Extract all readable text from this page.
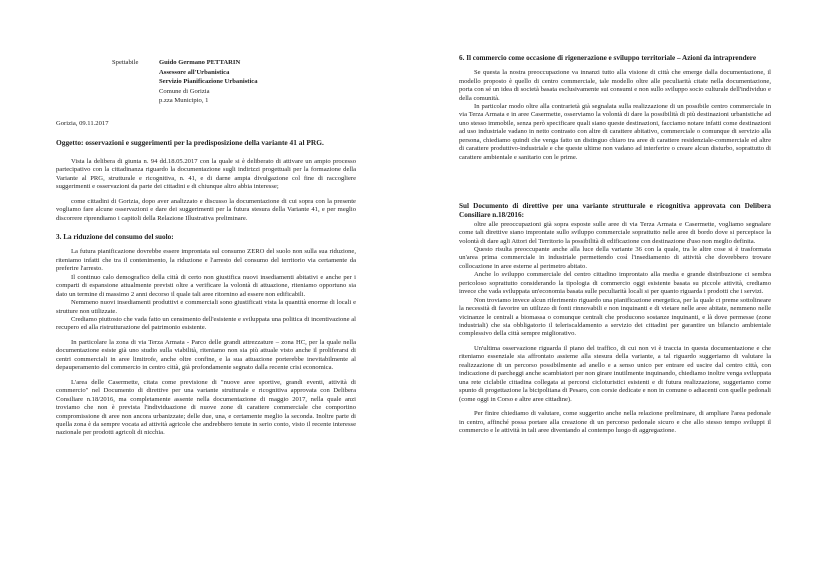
Spettabile	Guido Germano PETTARIN
Assessore all'Urbanistica
Servizio Pianificazione Urbanistica
Comune di Gorizia
p.zza Municipio, 1

Gorizia, 09.11.2017

Oggetto: osservazioni e suggerimenti per la predisposizione della variante 41 al PRG.

Vista la delibera di giunta n. 94 dd.18.05.2017 con la quale si è deliberato di attivare un ampio processo partecipativo con la cittadinanza riguardo la documentazione sugli indirizzi progettuali per la formazione della Variante al PRG, strutturale e ricognitiva, n. 41, e di darne ampia divulgazione col fine di raccogliere suggerimenti e osservazioni da parte dei cittadini e di chiunque altro abbia interesse;

come cittadini di Gorizia, dopo aver analizzato e discusso la documentazione di cui sopra con la presente vogliamo fare alcune osservazioni e dare dei suggerimenti per la futura stesura della Variante 41, e per meglio discorrere riprendiamo i capitoli della Relazione Illustrativa preliminare.

3. La riduzione del consumo del suolo:

La futura pianificazione dovrebbe essere improntata sul consumo ZERO del suolo non sulla sua riduzione, riteniamo infatti che tra il contenimento, la riduzione e l'arresto del consumo del territorio via certamente da preferire l'arresto.

Il continuo calo demografico della città di certo non giustifica nuovi insediamenti abitativi e anche per i comparti di espansione attualmente previsti oltre a verificare la volontà di attuazione, riteniamo opportuno sia dato un termine di massimo 2 anni decorso il quale tali aree ritornino ad essere non edificabili.

Nemmeno nuovi insediamenti produttivi e commerciali sono giustificati vista la quantità enorme di locali e strutture non utilizzate.

Crediamo piuttosto che vada fatto un censimento dell'esistente e sviluppata una politica di incentivazione al recupero ed alla ristrutturazione del patrimonio esistente.

In particolare la zona di via Terza Armata - Parco delle grandi attrezzature – zona HC, per la quale nella documentazione esiste già uno studio sulla viabilità, riteniamo non sia più attuale visto anche il proliferarsi di centri commerciali in aree limitrofe, anche oltre confine, e la sua attuazione porterebbe inevitabilmente al depauperamento del commercio in centro città, già profondamente segnato dalla recente crisi economica.

L'area delle Casermette, citata come previsione di "nuove aree sportive, grandi eventi, attività di commercio" nel Documento di direttive per una variante strutturale e ricognitiva approvata con Delibera Consiliare n.18/2016, ma completamente assente nella documentazione di maggio 2017, nella quale anzi troviamo che non è prevista l'individuazione di nuove zone di carattere commerciale che comportino compromissione di aree non ancora urbanizzate; delle due, una, e certamente meglio la seconda. Inoltre parte di quella zona è da sempre vocata ad attività agricole che andrebbero tenute in serio conto, visto il recente interesse nazionale per prodotti agricoli di nicchia.

6. Il commercio come occasione di rigenerazione e sviluppo territoriale – Azioni da intraprendere

Se questa la nostra preoccupazione va innanzi tutto alla visione di città che emerge dalla documentazione, il modello proposto è quello di centro commerciale, tale modello oltre alle peculiarità citate nella documentazione, porta con sé un idea di società basata esclusivamente sui consumi e non sullo sviluppo socio culturale dell'individuo e della comunità.

In particolar modo oltre alla contrarietà già segnalata sulla realizzazione di un possibile centro commerciale in via Terza Armata e in aree Casermette, osserviamo la volontà di dare la possibilità di più destinazioni urbanistiche ad uno stesso immobile, senza però specificare quali siano queste destinazioni, facciamo notare infatti come destinazioni ad uso industriale vadano in netto contrasto con altre di carattere abitativo, commerciale o comunque di servizio alla persona, chiediamo quindi che venga fatto un distinguo chiaro tra aree di carattere residenziale-commerciale ed altre di carattere produttivo-industriale e che queste ultime non vadano ad interferire o creare alcun disturbo, soprattutto di carattere ambientale e sanitario con le prime.

Sul Documento di direttive per una variante strutturale e ricognitiva approvata con Delibera Consiliare n.18/2016:

oltre alle preoccupazioni già sopra esposte sulle aree di via Terza Armata e Casermette, vogliamo segnalare come tali direttive siano improntate sullo sviluppo commerciale soprattutto nelle aree di bordo dove si percepisce la volontà di dare agli Attori del Territorio la possibilità di edificazione con destinazione d'uso non meglio definita.

Questo risulta preoccupante anche alla luce della variante 36 con la quale, tra le altre cose si è trasformata un'area prima commerciale in industriale permettendo così l'insediamento di attività che dovrebbero trovare collocazione in aree esterne al perimetro abitato.

Anche lo sviluppo commerciale del centro cittadino improntato alla media e grande distribuzione ci sembra pericoloso soprattutto considerando la tipologia di commercio oggi esistente basata su piccole attività, crediamo invece che vada sviluppata un'economia basata sulle peculiarità locali si per quanto riguarda i prodotti che i servizi.

Non troviamo invece alcun riferimento riguardo una pianificazione energetica, per la quale ci preme sottolineare la necessità di favorire un utilizzo di fonti rinnovabili e non inquinanti e di vietare nelle aree abitate, nemmeno nelle vicinanze le centrali a biomassa o comunque centrali che producono sostanze inquinanti, e là dove permesse (zone industriali) che sia obbligatorio il teleriscaldamento a servizio dei cittadini per garantire un bilancio ambientale complessivo della città sempre migliorativo.

Un'ultima osservazione riguarda il piano del traffico, di cui non vi è traccia in questa documentazione e che riteniamo essenziale sia affrontato assieme alla stesura della variante, a tal riguardo suggeriamo di valutare la realizzazione di un percorso possibilmente ad anello e a senso unico per entrare ed uscire dal centro città, con indicazione di parcheggi anche scambiatori per non girare inutilmente inquinando, chiediamo inoltre venga sviluppata una rete ciclabile cittadina collegata ai percorsi cicloturistici esistenti e di futura realizzazione, suggeriamo come spunto di progettazione la bicipolitana di Pesaro, con corsie dedicate e non in comune o adiacenti con quelle pedonali (come oggi in Corso e altre aree cittadine).

Per finire chiediamo di valutare, come suggerito anche nella relazione preliminare, di ampliare l'area pedonale in centro, affinché possa portare alla creazione di un percorso pedonale sicuro e che allo stesso tempo sviluppi il commercio e le attività in tali aree diventando al contempo luogo di aggregazione.
